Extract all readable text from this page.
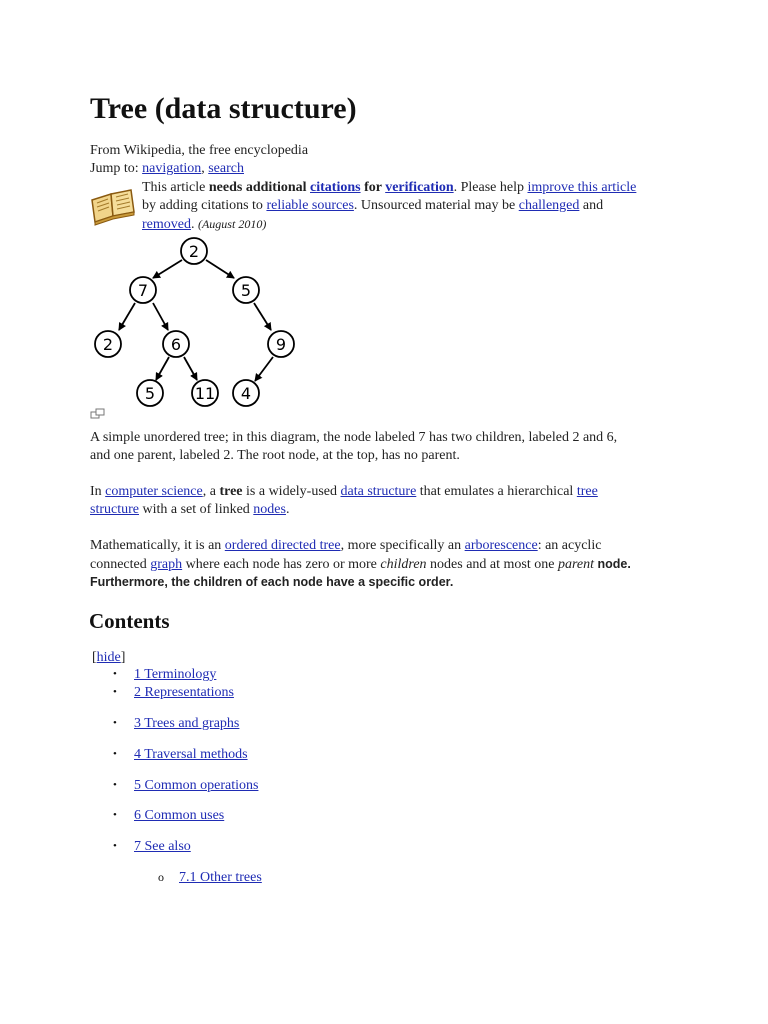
Tree (data structure)
From Wikipedia, the free encyclopedia
Jump to: navigation, search
This article needs additional citations for verification. Please help improve this article
by adding citations to reliable sources. Unsourced material may be challenged and
removed. (August 2010)
2
7	5
2	6	9
5 11 4
A simple unordered tree; in this diagram, the node labeled 7 has two children, labeled 2 and 6,
and one parent, labeled 2. The root node, at the top, has no parent.
In computer science, a tree is a widely-used data structure that emulates a hierarchical tree
structure with a set of linked nodes.
Mathematically, it is an ordered directed tree, more specifically an arborescence: an acyclic
connected graph where each node has zero or more children nodes and at most one parent node.
Furthermore, the children of each node have a specific order.
Contents
[hide]
• 1 Terminology
• 2 Representations
• 3 Trees and graphs
• 4 Traversal methods
• 5 Common operations
• 6 Common uses
• 7 See also
o 7.1 Other trees
